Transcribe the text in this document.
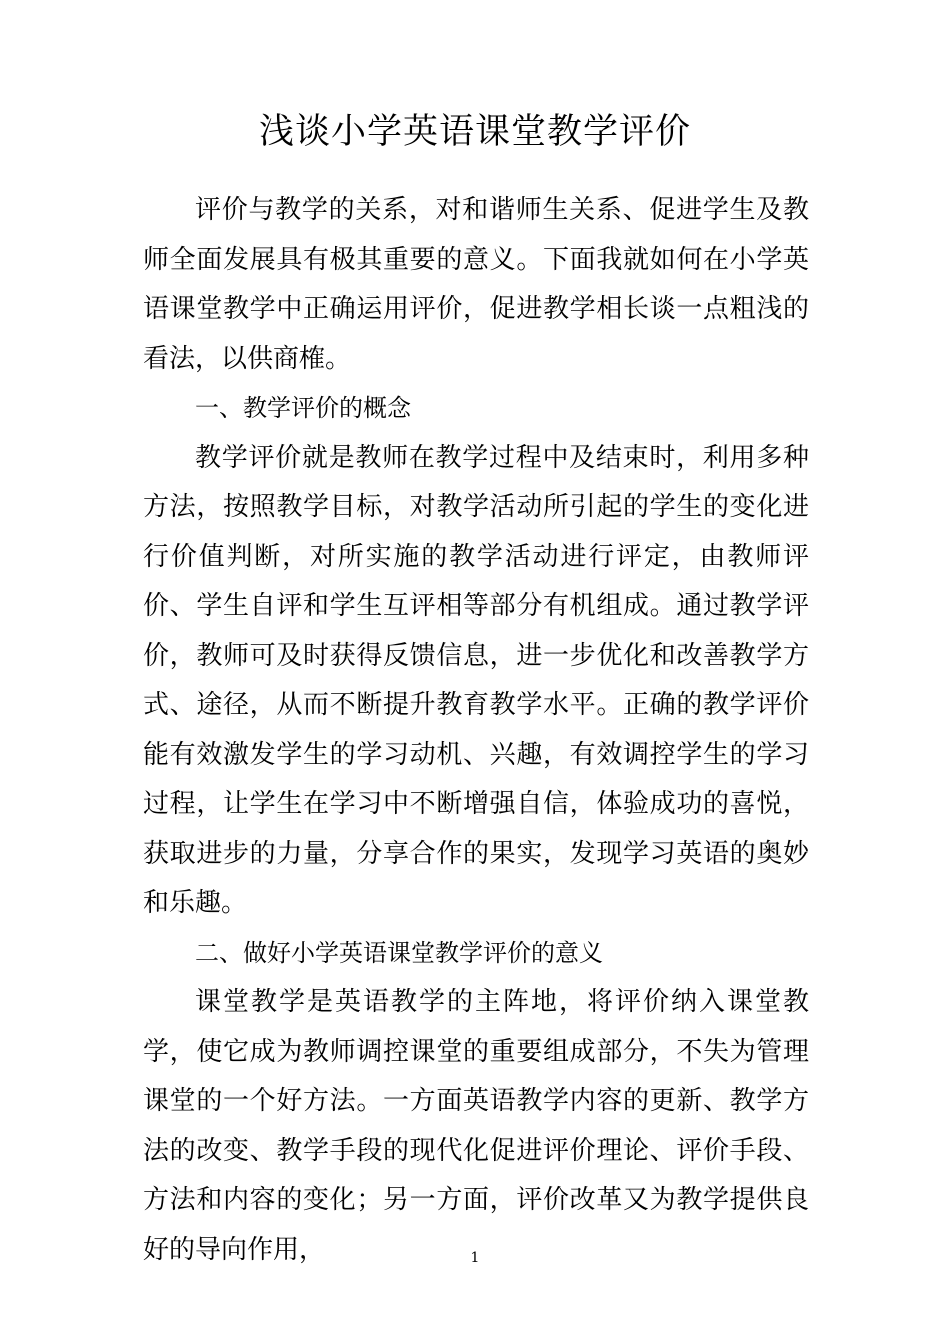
浅谈小学英语课堂教学评价

评价与教学的关系，对和谐师生关系、促进学生及教师全面发展具有极其重要的意义。下面我就如何在小学英语课堂教学中正确运用评价，促进教学相长谈一点粗浅的看法，以供商榷。

一、教学评价的概念

教学评价就是教师在教学过程中及结束时，利用多种方法，按照教学目标，对教学活动所引起的学生的变化进行价值判断，对所实施的教学活动进行评定，由教师评价、学生自评和学生互评相等部分有机组成。通过教学评价，教师可及时获得反馈信息，进一步优化和改善教学方式、途径，从而不断提升教育教学水平。正确的教学评价能有效激发学生的学习动机、兴趣，有效调控学生的学习过程，让学生在学习中不断增强自信，体验成功的喜悦，获取进步的力量，分享合作的果实，发现学习英语的奥妙和乐趣。

二、做好小学英语课堂教学评价的意义

课堂教学是英语教学的主阵地，将评价纳入课堂教学，使它成为教师调控课堂的重要组成部分，不失为管理课堂的一个好方法。一方面英语教学内容的更新、教学方法的改变、教学手段的现代化促进评价理论、评价手段、方法和内容的变化；另一方面，评价改革又为教学提供良好的导向作用，	1
